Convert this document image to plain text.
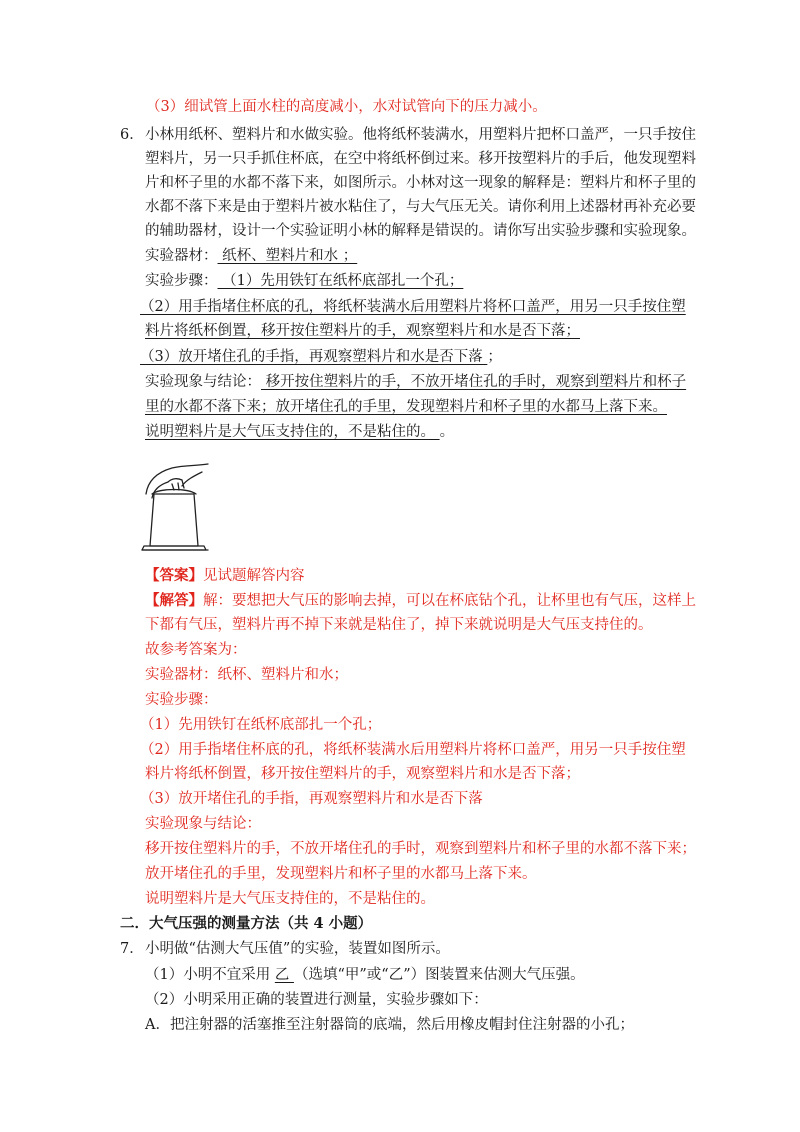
（3）细试管上面水柱的高度减小，水对试管向下的压力减小。
6． 小林用纸杯、塑料片和水做实验。他将纸杯装满水，用塑料片把杯口盖严，一只手按住
塑料片，另一只手抓住杯底，在空中将纸杯倒过来。移开按塑料片的手后，他发现塑料
片和杯子里的水都不落下来，如图所示。小林对这一现象的解释是：塑料片和杯子里的
水都不落下来是由于塑料片被水粘住了，与大气压无关。请你利用上述器材再补充必要
的辅助器材，设计一个实验证明小林的解释是错误的。请你写出实验步骤和实验现象。
实验器材： 纸杯、塑料片和水 ；
实验步骤： （1）先用铁钉在纸杯底部扎一个孔；
（2）用手指堵住杯底的孔，将纸杯装满水后用塑料片将杯口盖严，用另一只手按住塑
料片将纸杯倒置，移开按住塑料片的手，观察塑料片和水是否下落；
（3）放开堵住孔的手指，再观察塑料片和水是否下落 ；
实验现象与结论： 移开按住塑料片的手，不放开堵住孔的手时，观察到塑料片和杯子
里的水都不落下来；放开堵住孔的手里，发现塑料片和杯子里的水都马上落下来。
说明塑料片是大气压支持住的，不是粘住的。 。
【答案】见试题解答内容
【解答】解：要想把大气压的影响去掉，可以在杯底钻个孔，让杯里也有气压，这样上
下都有气压，塑料片再不掉下来就是粘住了，掉下来就说明是大气压支持住的。
故参考答案为：
实验器材：纸杯、塑料片和水；
实验步骤：
（1）先用铁钉在纸杯底部扎一个孔；
（2）用手指堵住杯底的孔，将纸杯装满水后用塑料片将杯口盖严，用另一只手按住塑
料片将纸杯倒置，移开按住塑料片的手，观察塑料片和水是否下落；
（3）放开堵住孔的手指，再观察塑料片和水是否下落
实验现象与结论：
移开按住塑料片的手，不放开堵住孔的手时，观察到塑料片和杯子里的水都不落下来；
放开堵住孔的手里，发现塑料片和杯子里的水都马上落下来。
说明塑料片是大气压支持住的，不是粘住的。
二．大气压强的测量方法（共 4 小题）
7． 小明做“估测大气压值”的实验，装置如图所示。
（1）小明不宜采用 乙 （选填“甲”或“乙”）图装置来估测大气压强。
（2）小明采用正确的装置进行测量，实验步骤如下：
A．把注射器的活塞推至注射器筒的底端，然后用橡皮帽封住注射器的小孔；
